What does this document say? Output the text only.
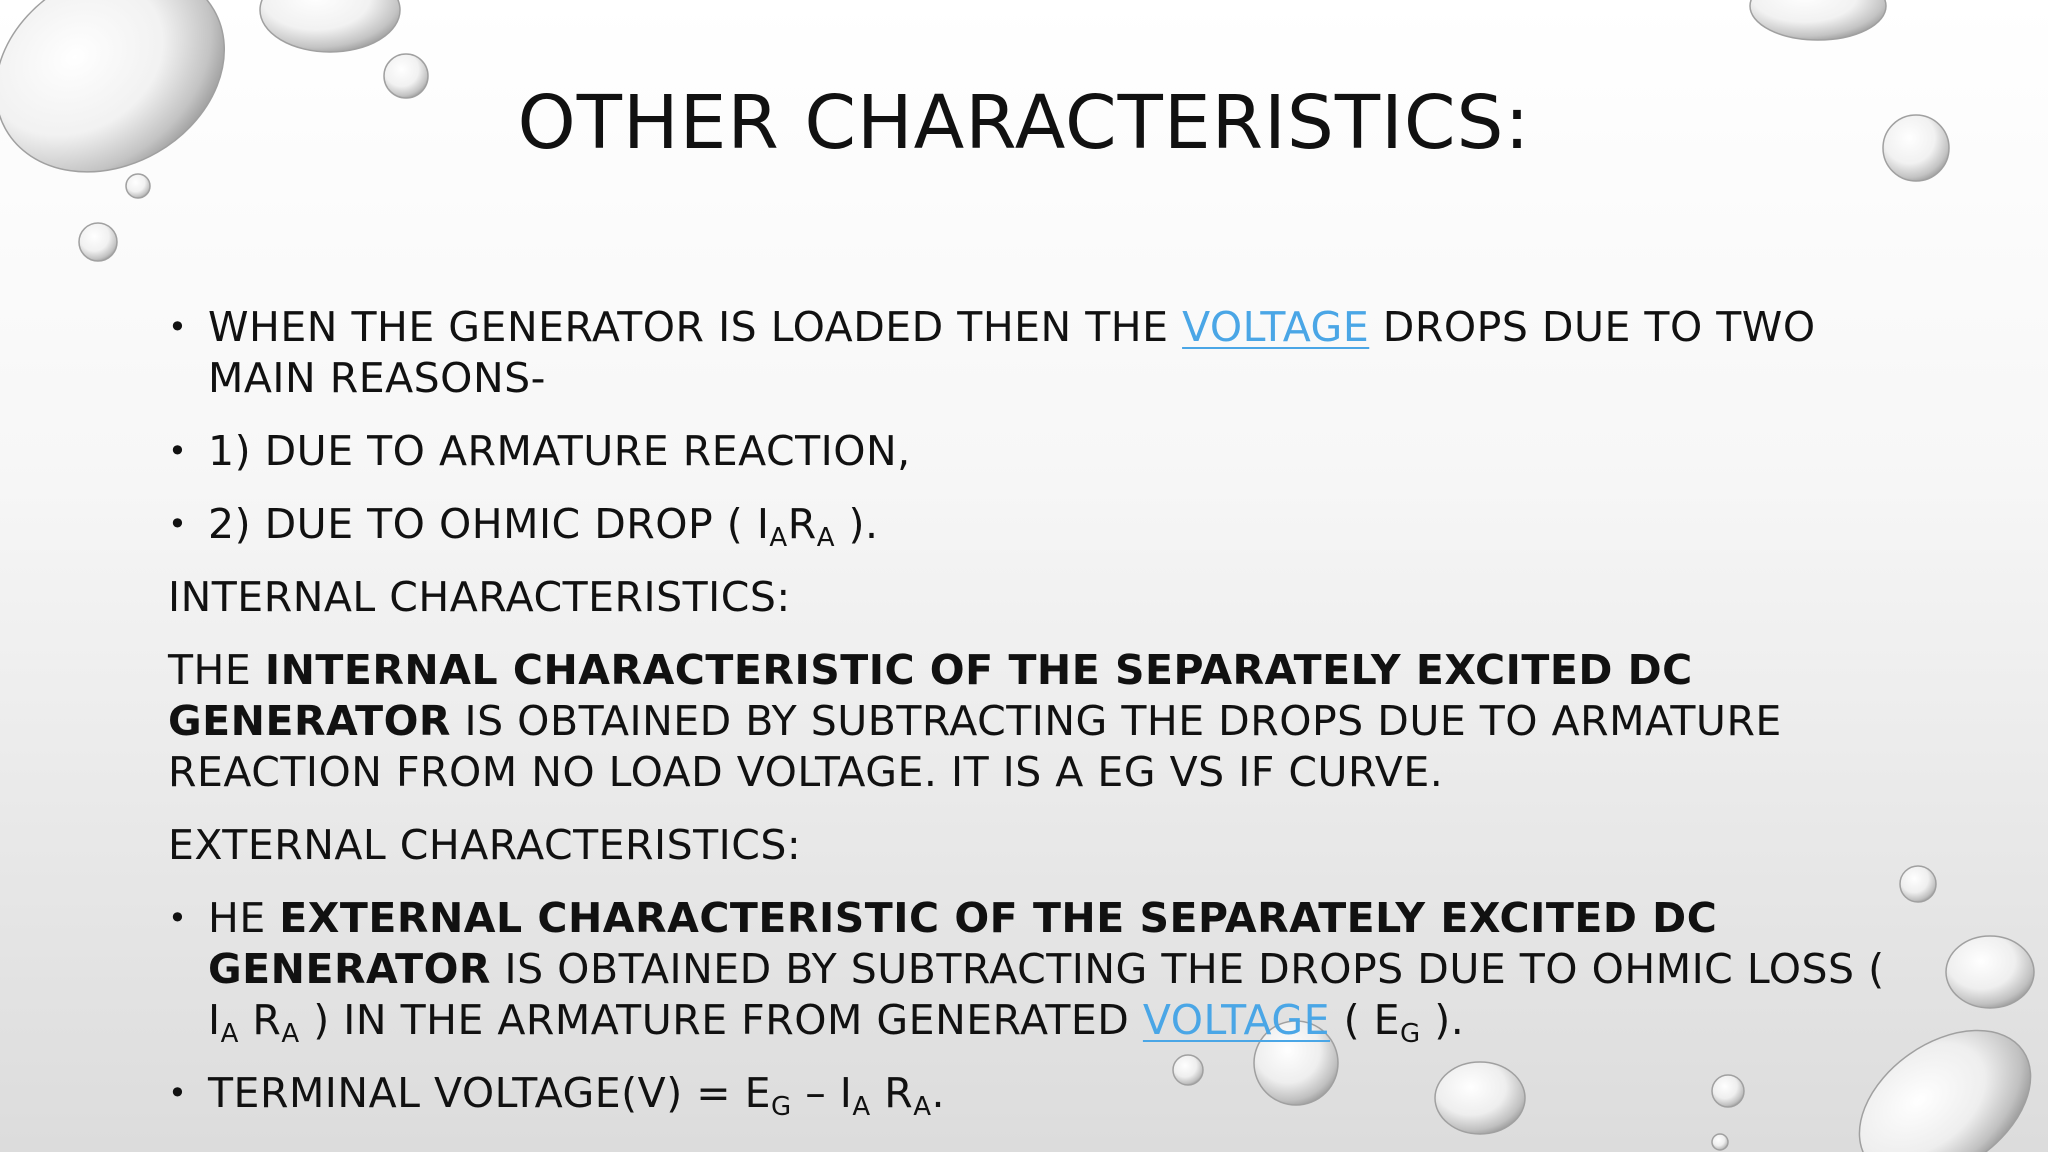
OTHER CHARACTERISTICS:
• WHEN THE GENERATOR IS LOADED THEN THE VOLTAGE DROPS DUE TO TWO MAIN REASONS-
• 1) DUE TO ARMATURE REACTION,
• 2) DUE TO OHMIC DROP ( $I_AR_A$ ).
INTERNAL CHARACTERISTICS:
THE INTERNAL CHARACTERISTIC OF THE SEPARATELY EXCITED DC GENERATOR IS OBTAINED BY SUBTRACTING THE DROPS DUE TO ARMATURE REACTION FROM NO LOAD VOLTAGE. IT IS A EG VS IF CURVE.
EXTERNAL CHARACTERISTICS:
• HE EXTERNAL CHARACTERISTIC OF THE SEPARATELY EXCITED DC GENERATOR IS OBTAINED BY SUBTRACTING THE DROPS DUE TO OHMIC LOSS ( $I_A$ $R_A$ ) IN THE ARMATURE FROM GENERATED VOLTAGE ( $E_G$ ).
• TERMINAL VOLTAGE(V) = $E_G - I_A$ $R_A$.
